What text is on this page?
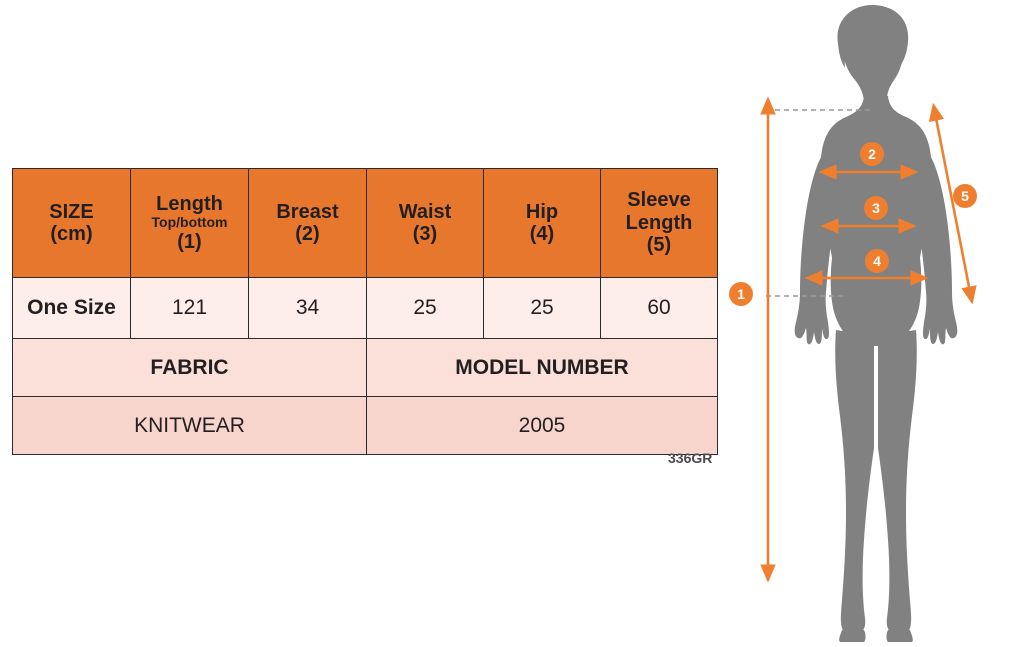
SIZE
(cm)	Length
Top/bottom
(1)	Breast
(2)	Waist
(3)	Hip
(4)	Sleeve Length
(5)

One Size	121	34	25	25	60
FABRIC			MODEL NUMBER		
KNITWEAR			2005		
336GR
1
2
3
4
5
